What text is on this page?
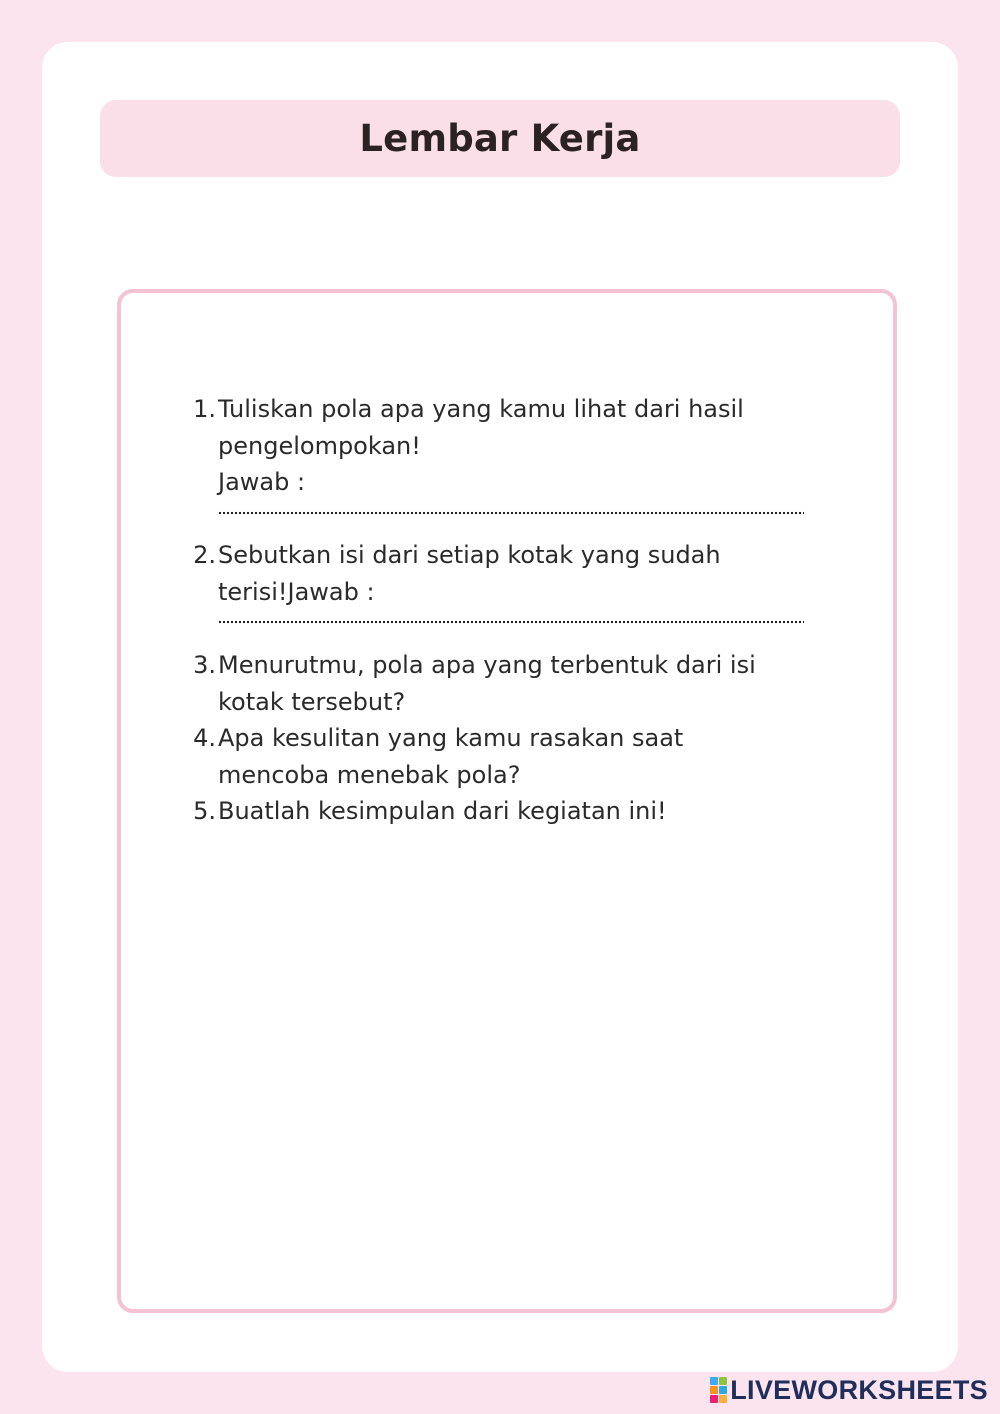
Lembar Kerja
1. Tuliskan pola apa yang kamu lihat dari hasil
pengelompokan!
Jawab :
2. Sebutkan isi dari setiap kotak yang sudah
terisi!Jawab :
3. Menurutmu, pola apa yang terbentuk dari isi
kotak tersebut?
4. Apa kesulitan yang kamu rasakan saat
mencoba menebak pola?
5. Buatlah kesimpulan dari kegiatan ini!
LIVEWORKSHEETS
